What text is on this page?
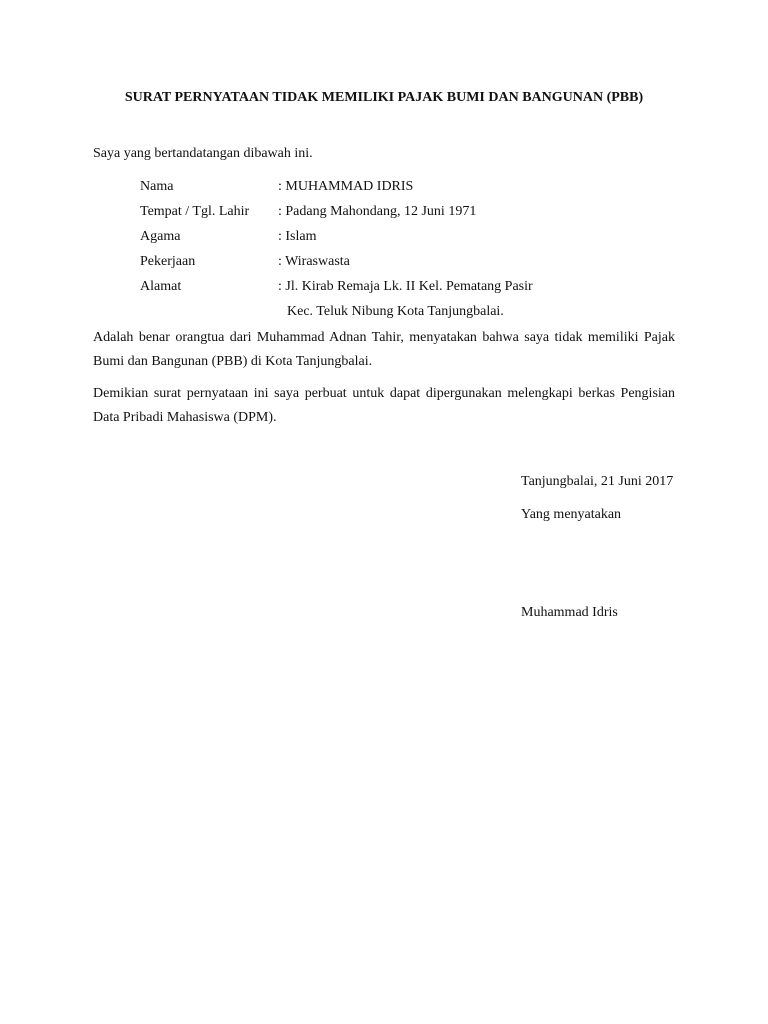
SURAT PERNYATAAN TIDAK MEMILIKI PAJAK BUMI DAN BANGUNAN (PBB)
Saya yang bertandatangan dibawah ini.
Nama	: MUHAMMAD IDRIS
Tempat / Tgl. Lahir : Padang Mahondang, 12 Juni 1971
Agama	: Islam
Pekerjaan	: Wiraswasta
Alamat	: Jl. Kirab Remaja Lk. II Kel. Pematang Pasir
Kec. Teluk Nibung Kota Tanjungbalai.
Adalah benar orangtua dari Muhammad Adnan Tahir, menyatakan bahwa saya tidak memiliki Pajak Bumi dan Bangunan (PBB) di Kota Tanjungbalai.
Demikian surat pernyataan ini saya perbuat untuk dapat dipergunakan melengkapi berkas Pengisian Data Pribadi Mahasiswa (DPM).
Tanjungbalai, 21 Juni 2017
Yang menyatakan
Muhammad Idris
